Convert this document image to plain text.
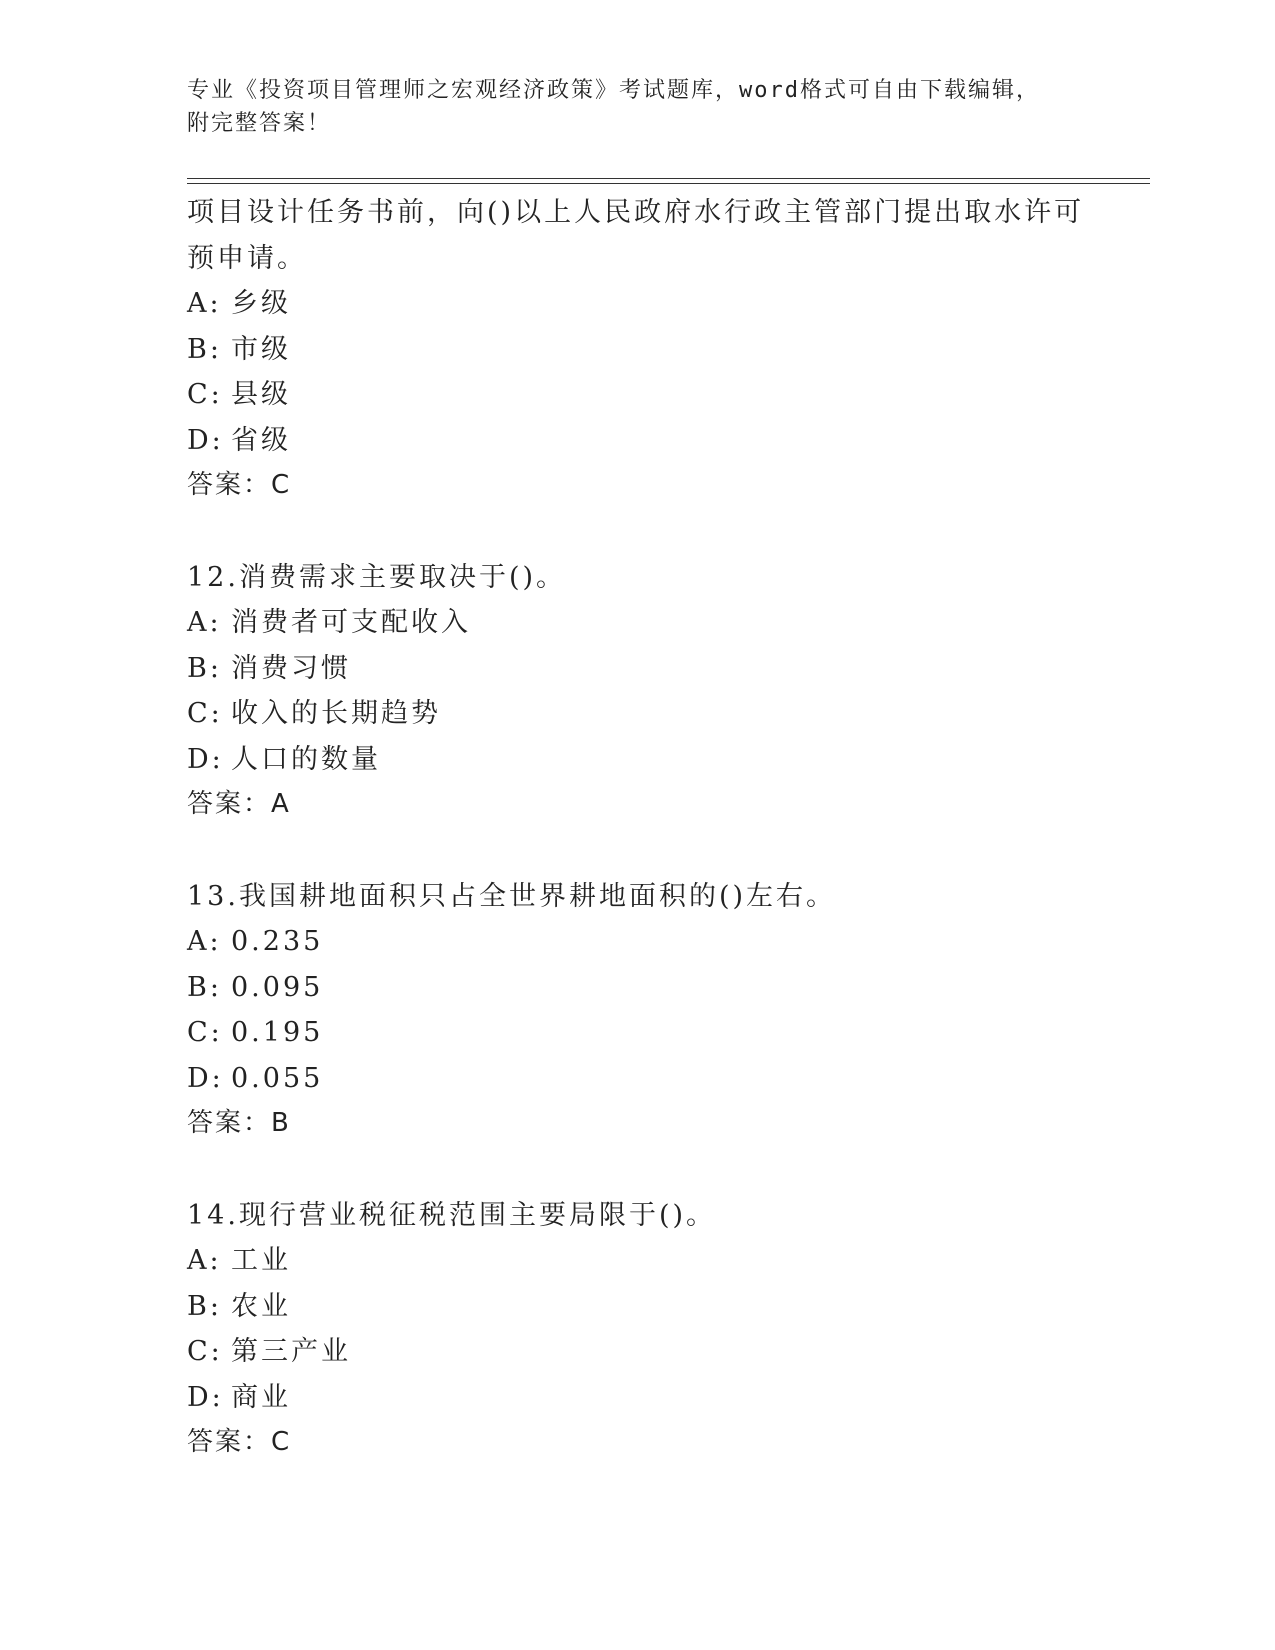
专业《投资项目管理师之宏观经济政策》考试题库，word格式可自由下载编辑，
附完整答案！
项目设计任务书前，向()以上人民政府水行政主管部门提出取水许可
预申请。
A: 乡级
B: 市级
C: 县级
D: 省级
答案：C
12.消费需求主要取决于()。
A: 消费者可支配收入
B: 消费习惯
C: 收入的长期趋势
D: 人口的数量
答案：A
13.我国耕地面积只占全世界耕地面积的()左右。
A: 0.235
B: 0.095
C: 0.195
D: 0.055
答案：B
14.现行营业税征税范围主要局限于()。
A: 工业
B: 农业
C: 第三产业
D: 商业
答案：C
